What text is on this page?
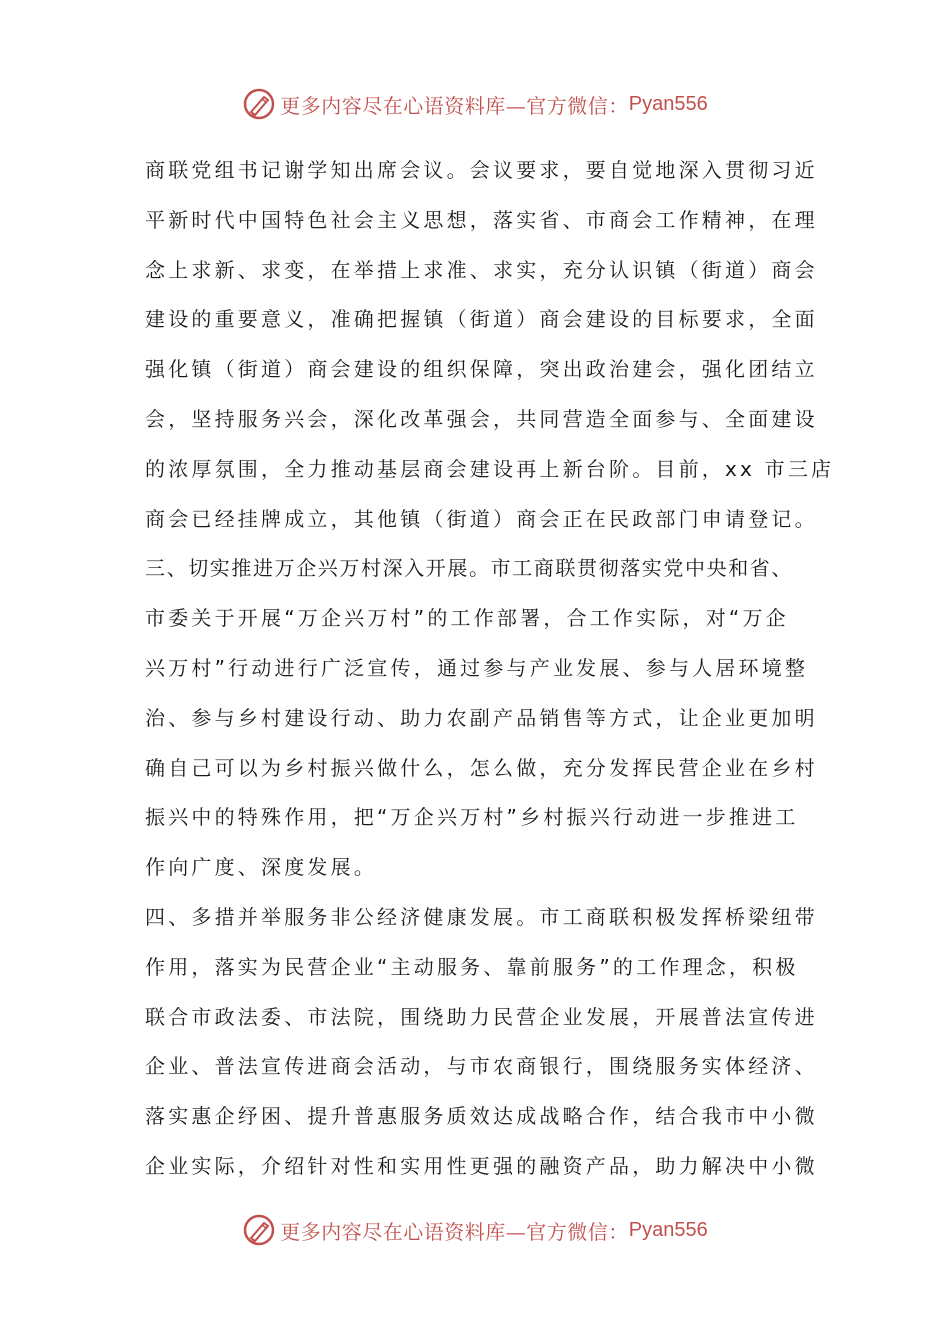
更多内容尽在心语资料库—官方微信： Pyan556
商联党组书记谢学知出席会议。会议要求，要自觉地深入贯彻习近
平新时代中国特色社会主义思想，落实省、市商会工作精神，在理
念上求新、求变，在举措上求准、求实，充分认识镇（街道）商会
建设的重要意义，准确把握镇（街道）商会建设的目标要求，全面
强化镇（街道）商会建设的组织保障，突出政治建会，强化团结立
会，坚持服务兴会，深化改革强会，共同营造全面参与、全面建设
的浓厚氛围，全力推动基层商会建设再上新台阶。目前，xx 市三店
商会已经挂牌成立，其他镇（街道）商会正在民政部门申请登记。
三、切实推进万企兴万村深入开展。市工商联贯彻落实党中央和省、
市委关于开展“万企兴万村”的工作部署，合工作实际，对“万企
兴万村”行动进行广泛宣传，通过参与产业发展、参与人居环境整
治、参与乡村建设行动、助力农副产品销售等方式，让企业更加明
确自己可以为乡村振兴做什么，怎么做，充分发挥民营企业在乡村
振兴中的特殊作用，把“万企兴万村”乡村振兴行动进一步推进工
作向广度、深度发展。
四、多措并举服务非公经济健康发展。市工商联积极发挥桥梁纽带
作用，落实为民营企业“主动服务、靠前服务”的工作理念，积极
联合市政法委、市法院，围绕助力民营企业发展，开展普法宣传进
企业、普法宣传进商会活动，与市农商银行，围绕服务实体经济、
落实惠企纾困、提升普惠服务质效达成战略合作，结合我市中小微
企业实际，介绍针对性和实用性更强的融资产品，助力解决中小微
更多内容尽在心语资料库—官方微信： Pyan556
